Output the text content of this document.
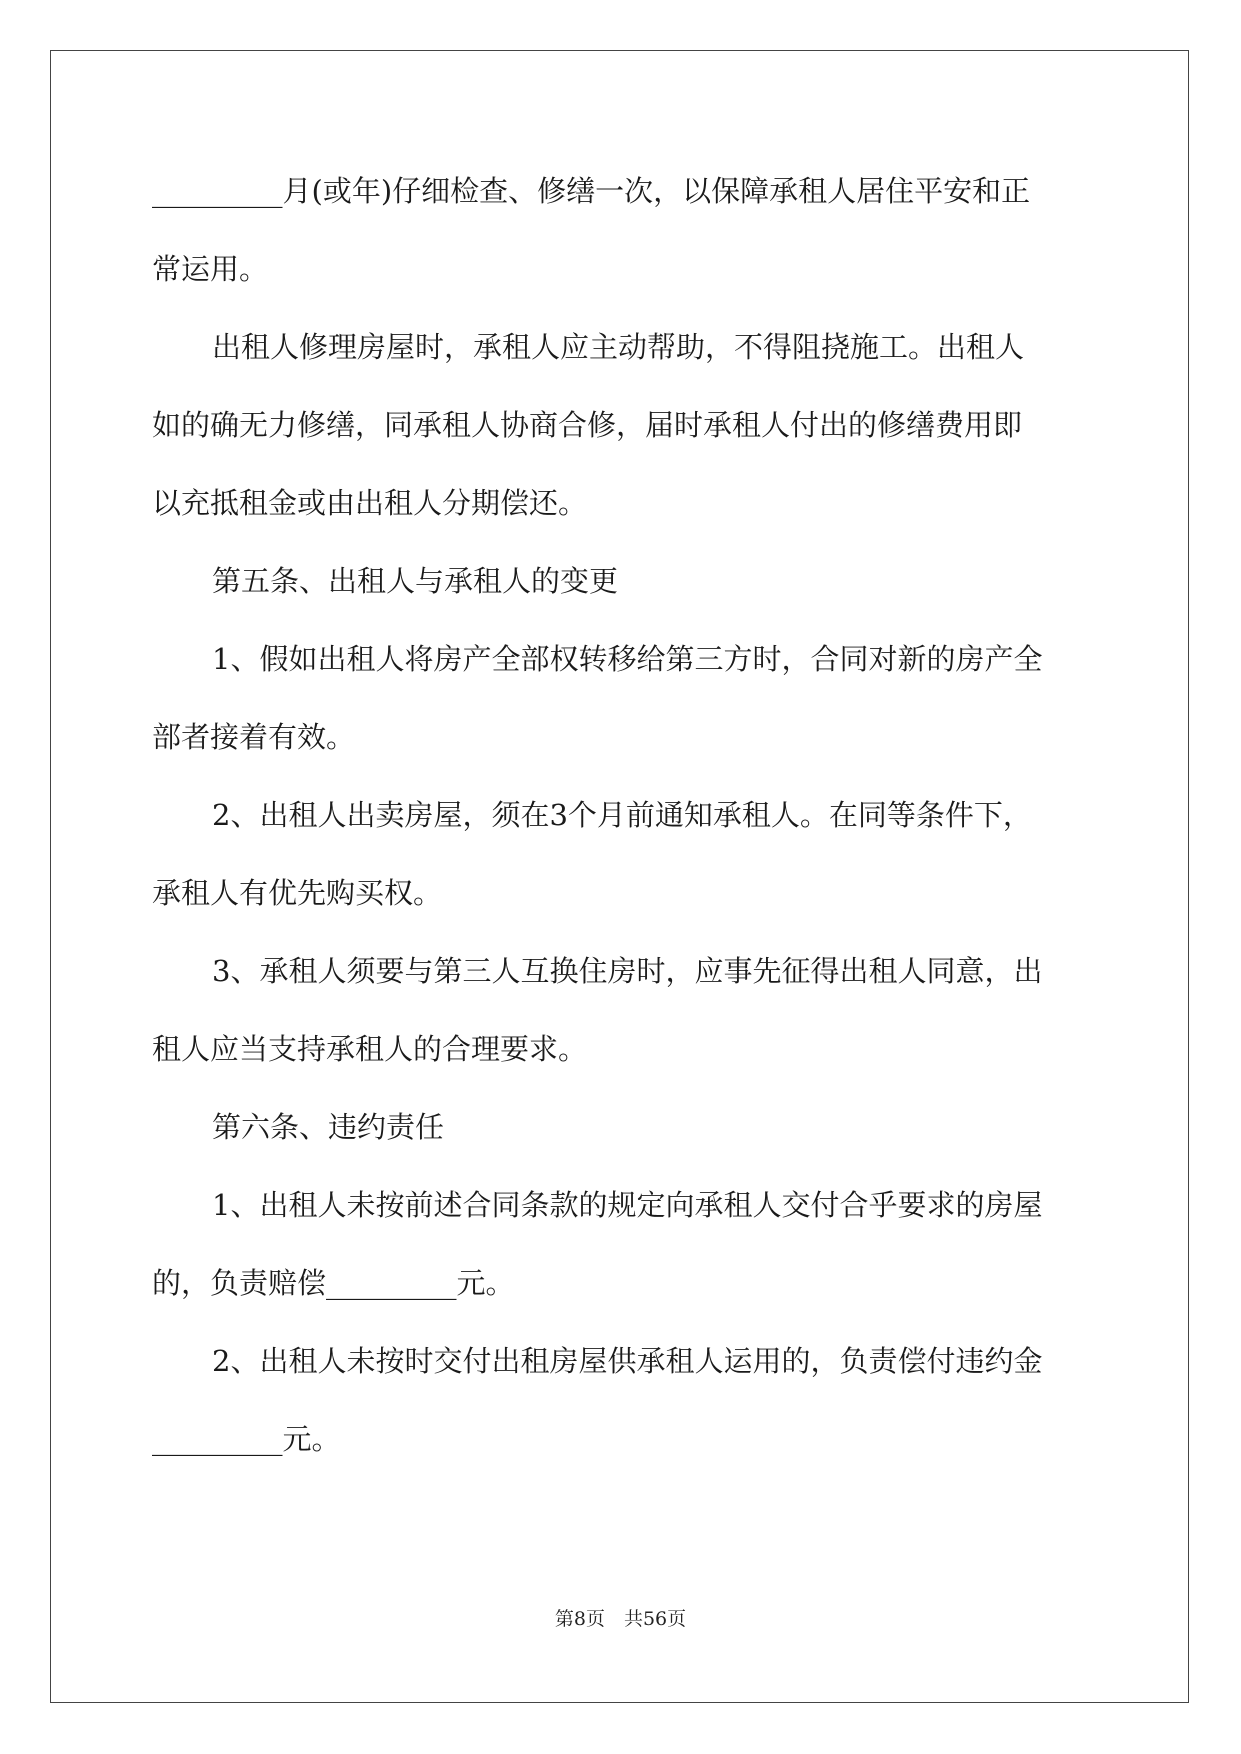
_________月(或年)仔细检查、修缮一次，以保障承租人居住平安和正

常运用。

出租人修理房屋时，承租人应主动帮助，不得阻挠施工。出租人

如的确无力修缮，同承租人协商合修，届时承租人付出的修缮费用即

以充抵租金或由出租人分期偿还。

第五条、出租人与承租人的变更

1、假如出租人将房产全部权转移给第三方时，合同对新的房产全

部者接着有效。

2、出租人出卖房屋，须在3个月前通知承租人。在同等条件下，

承租人有优先购买权。

3、承租人须要与第三人互换住房时，应事先征得出租人同意，出

租人应当支持承租人的合理要求。

第六条、违约责任

1、出租人未按前述合同条款的规定向承租人交付合乎要求的房屋

的，负责赔偿_________元。

2、出租人未按时交付出租房屋供承租人运用的，负责偿付违约金

_________元。

第8页　共56页
